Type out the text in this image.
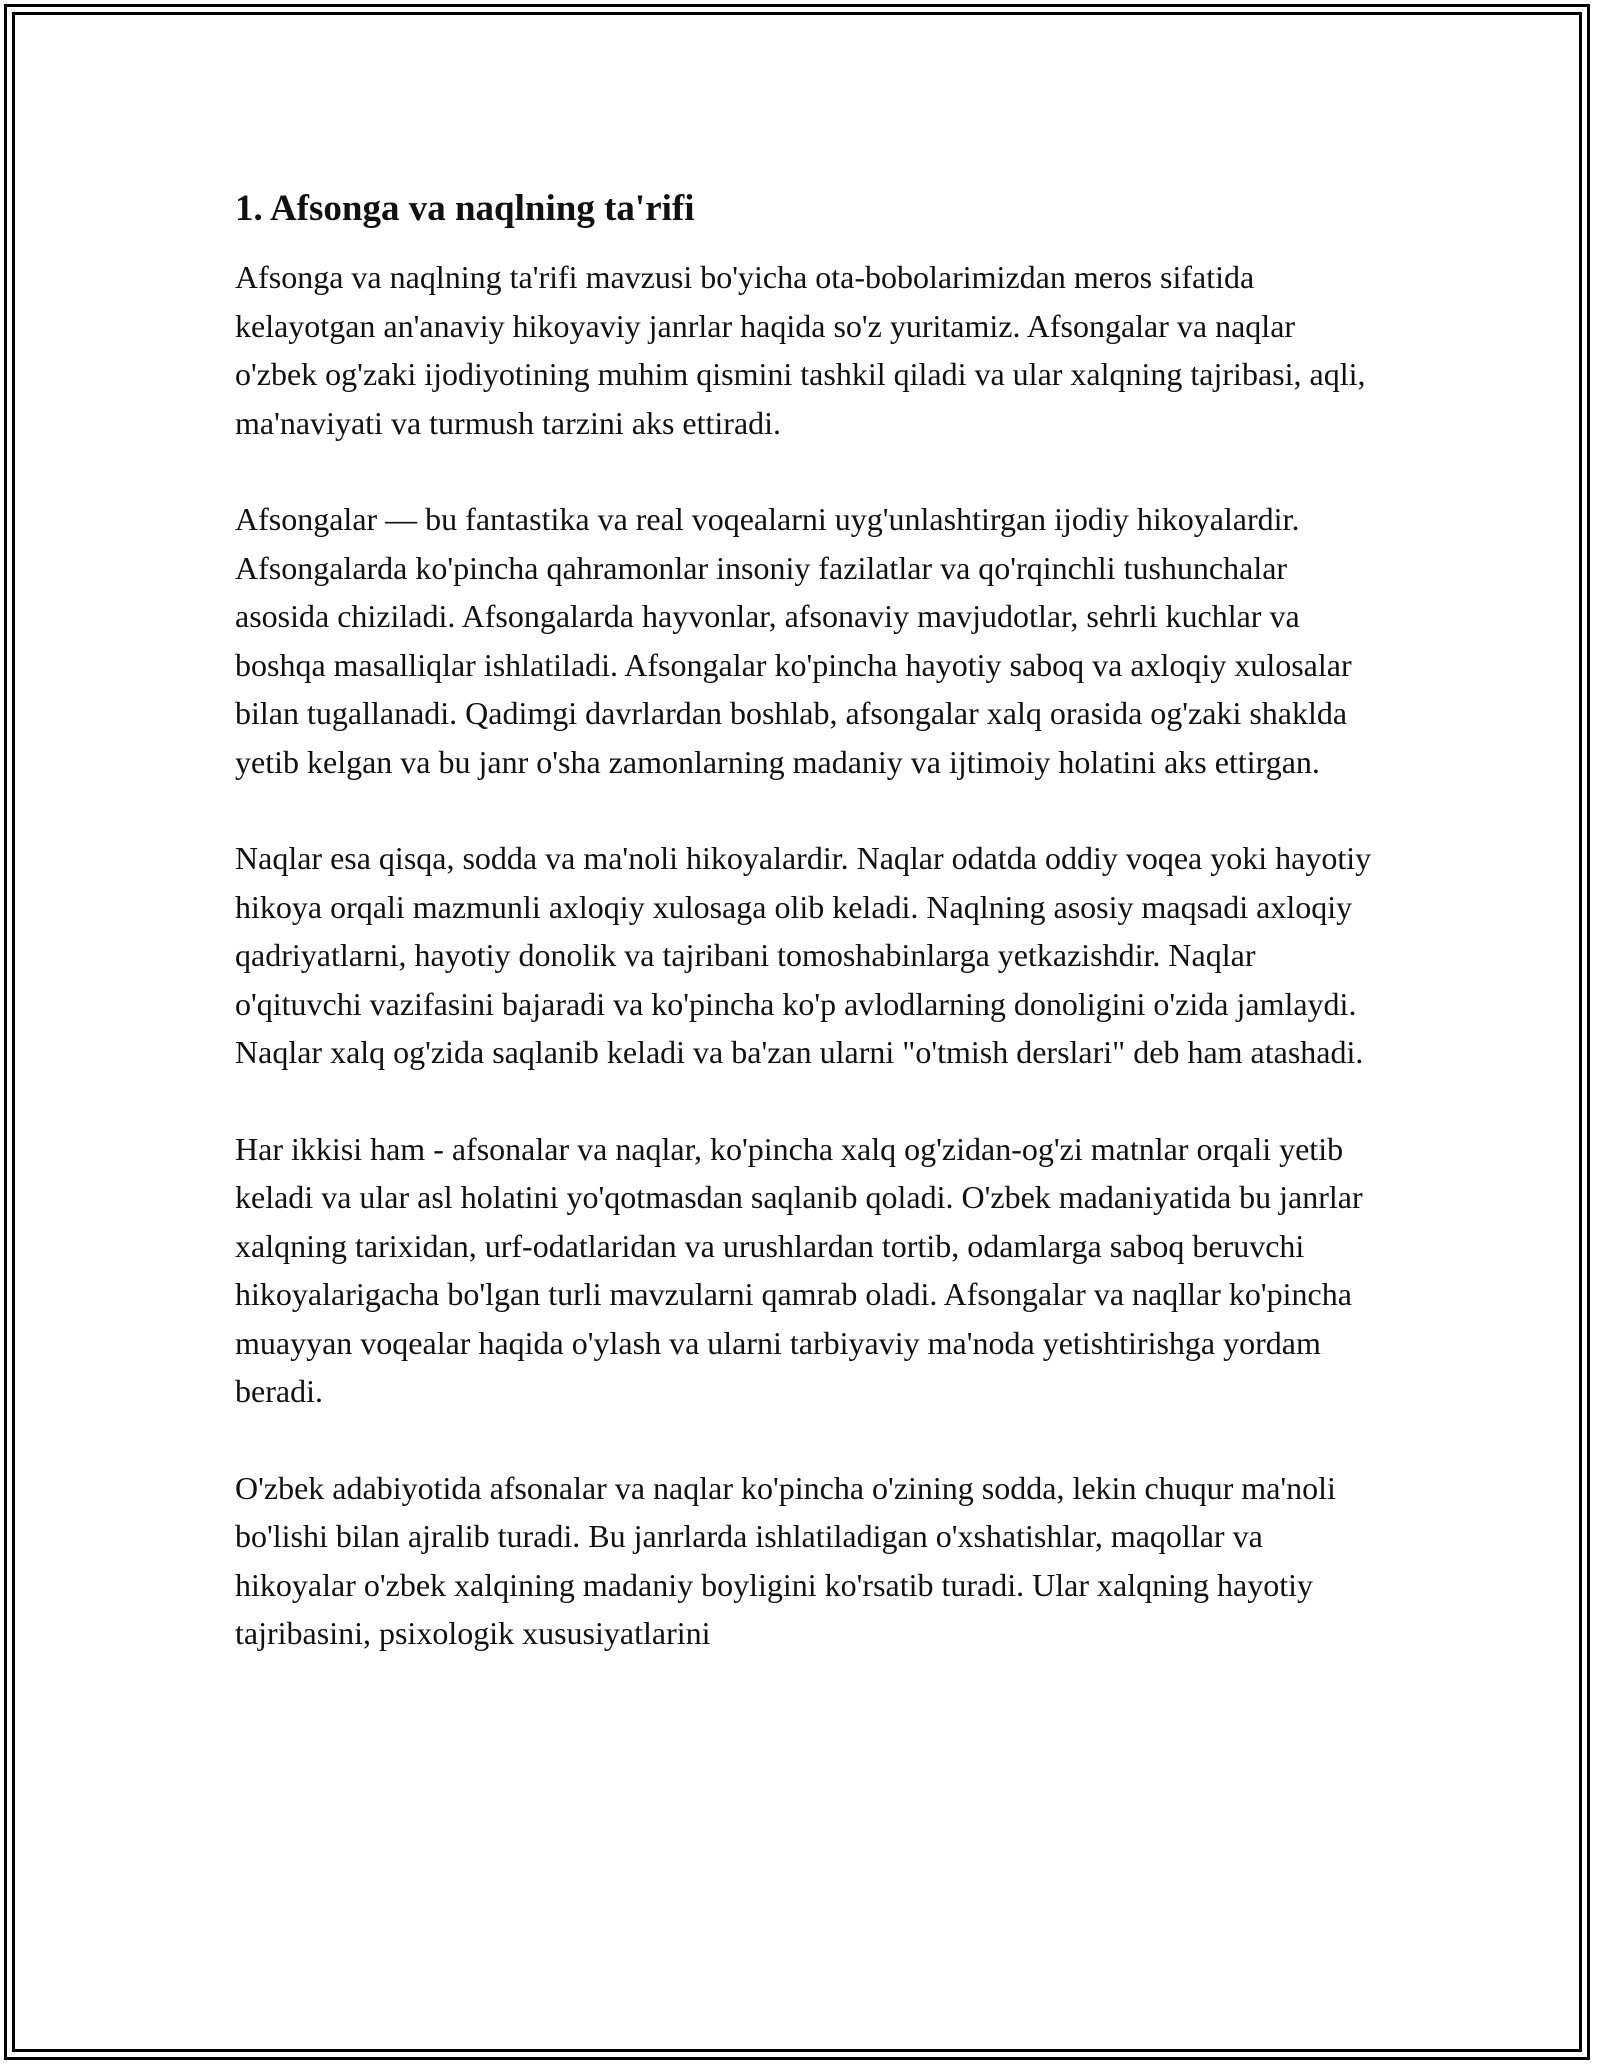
1. Afsonga va naqlning ta'rifi

Afsonga va naqlning ta'rifi mavzusi bo'yicha ota-bobolarimizdan meros sifatida kelayotgan an'anaviy hikoyaviy janrlar haqida so'z yuritamiz. Afsongalar va naqlar o'zbek og'zaki ijodiyotining muhim qismini tashkil qiladi va ular xalqning tajribasi, aqli, ma'naviyati va turmush tarzini aks ettiradi.

Afsongalar — bu fantastika va real voqealarni uyg'unlashtirgan ijodiy hikoyalardir. Afsongalarda ko'pincha qahramonlar insoniy fazilatlar va qo'rqinchli tushunchalar asosida chiziladi. Afsongalarda hayvonlar, afsonaviy mavjudotlar, sehrli kuchlar va boshqa masalliqlar ishlatiladi. Afsongalar ko'pincha hayotiy saboq va axloqiy xulosalar bilan tugallanadi. Qadimgi davrlardan boshlab, afsongalar xalq orasida og'zaki shaklda yetib kelgan va bu janr o'sha zamonlarning madaniy va ijtimoiy holatini aks ettirgan.

Naqlar esa qisqa, sodda va ma'noli hikoyalardir. Naqlar odatda oddiy voqea yoki hayotiy hikoya orqali mazmunli axloqiy xulosaga olib keladi. Naqlning asosiy maqsadi axloqiy qadriyatlarni, hayotiy donolik va tajribani tomoshabinlarga yetkazishdir. Naqlar o'qituvchi vazifasini bajaradi va ko'pincha ko'p avlodlarning donoligini o'zida jamlaydi. Naqlar xalq og'zida saqlanib keladi va ba'zan ularni "o'tmish derslari" deb ham atashadi.

Har ikkisi ham - afsonalar va naqlar, ko'pincha xalq og'zidan-og'zi matnlar orqali yetib keladi va ular asl holatini yo'qotmasdan saqlanib qoladi. O'zbek madaniyatida bu janrlar xalqning tarixidan, urf-odatlaridan va urushlardan tortib, odamlarga saboq beruvchi hikoyalarigacha bo'lgan turli mavzularni qamrab oladi. Afsongalar va naqllar ko'pincha muayyan voqealar haqida o'ylash va ularni tarbiyaviy ma'noda yetishtirishga yordam beradi.

O'zbek adabiyotida afsonalar va naqlar ko'pincha o'zining sodda, lekin chuqur ma'noli bo'lishi bilan ajralib turadi. Bu janrlarda ishlatiladigan o'xshatishlar, maqollar va hikoyalar o'zbek xalqining madaniy boyligini ko'rsatib turadi. Ular xalqning hayotiy tajribasini, psixologik xususiyatlarini
